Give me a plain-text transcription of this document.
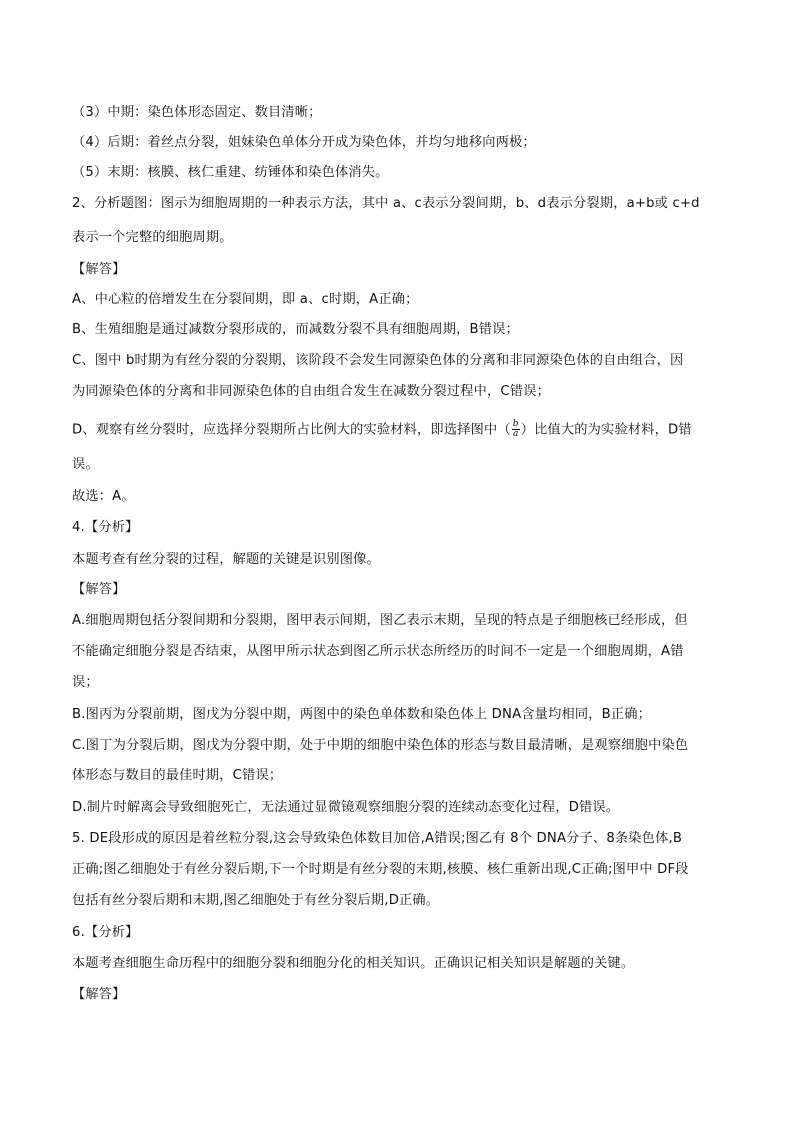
（3）中期：染色体形态固定、数目清晰；
（4）后期：着丝点分裂，姐妹染色单体分开成为染色体，并均匀地移向两极；
（5）末期：核膜、核仁重建、纺锤体和染色体消失。
2、分析题图：图示为细胞周期的一种表示方法，其中 a、c表示分裂间期，b、d表示分裂期，a+b或 c+d
表示一个完整的细胞周期。
【解答】
A、中心粒的倍增发生在分裂间期，即 a、c时期，A正确；
B、生殖细胞是通过减数分裂形成的，而减数分裂不具有细胞周期，B错误；
C、图中 b时期为有丝分裂的分裂期，该阶段不会发生同源染色体的分离和非同源染色体的自由组合，因
为同源染色体的分离和非同源染色体的自由组合发生在减数分裂过程中，C错误；
D、观察有丝分裂时，应选择分裂期所占比例大的实验材料，即选择图中（ $\frac{b}{a}$ ）比值大的为实验材料，D错
误。
故选：A。
4.【分析】
本题考查有丝分裂的过程，解题的关键是识别图像。
【解答】
A.细胞周期包括分裂间期和分裂期，图甲表示间期，图乙表示末期，呈现的特点是子细胞核已经形成，但
不能确定细胞分裂是否结束，从图甲所示状态到图乙所示状态所经历的时间不一定是一个细胞周期，A错
误；
B.图丙为分裂前期，图戊为分裂中期，两图中的染色单体数和染色体上 DNA含量均相同，B正确；
C.图丁为分裂后期，图戊为分裂中期，处于中期的细胞中染色体的形态与数目最清晰，是观察细胞中染色
体形态与数目的最佳时期，C错误；
D.制片时解离会导致细胞死亡，无法通过显微镜观察细胞分裂的连续动态变化过程，D错误。
5. DE段形成的原因是着丝粒分裂,这会导致染色体数目加倍,A错误;图乙有 8个 DNA分子、8条染色体,B
正确;图乙细胞处于有丝分裂后期,下一个时期是有丝分裂的末期,核膜、核仁重新出现,C正确;图甲中 DF段
包括有丝分裂后期和末期,图乙细胞处于有丝分裂后期,D正确。
6.【分析】
本题考查细胞生命历程中的细胞分裂和细胞分化的相关知识。正确识记相关知识是解题的关键。
【解答】
